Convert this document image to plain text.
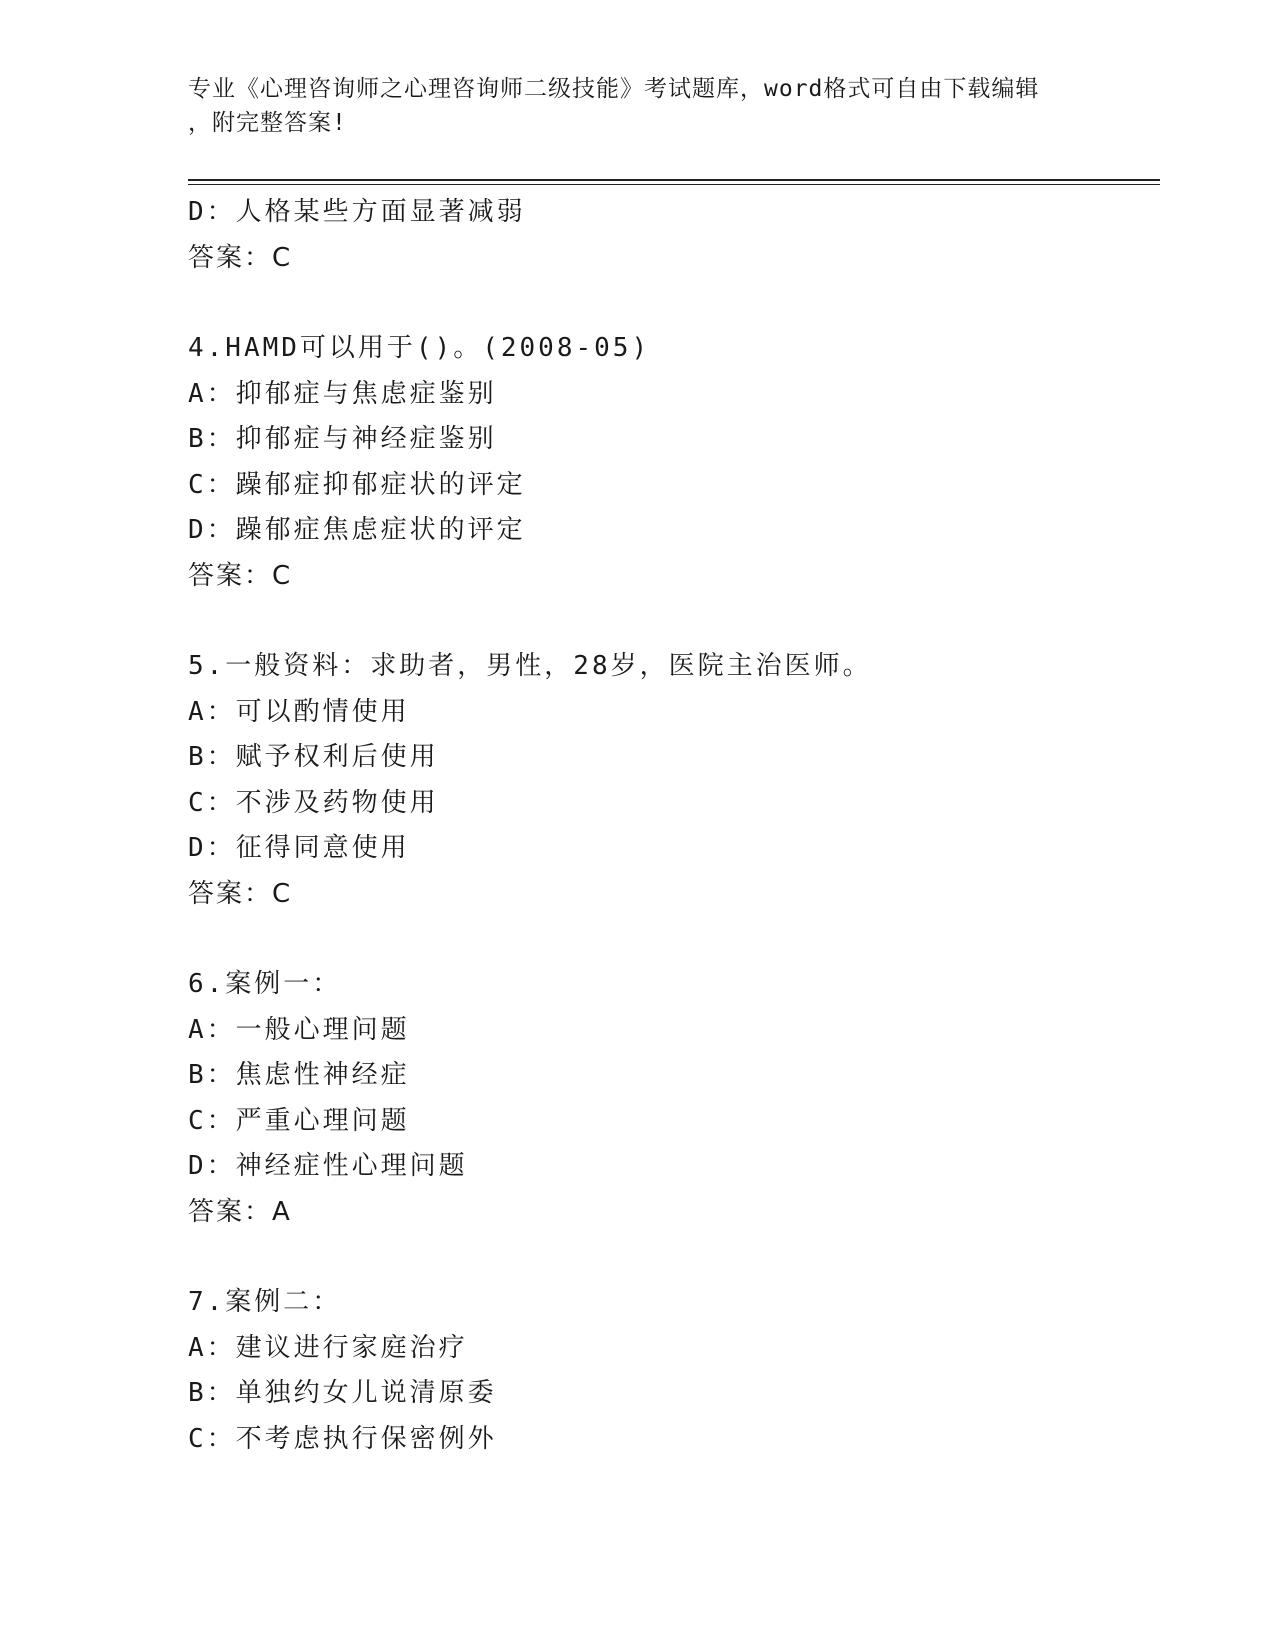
专业《心理咨询师之心理咨询师二级技能》考试题库，word格式可自由下载编辑
，附完整答案!
D：人格某些方面显著减弱
答案：C
4.HAMD可以用于()。(2008-05)
A：抑郁症与焦虑症鉴别
B：抑郁症与神经症鉴别
C：躁郁症抑郁症状的评定
D：躁郁症焦虑症状的评定
答案：C
5.一般资料：求助者，男性，28岁，医院主治医师。
A：可以酌情使用
B：赋予权利后使用
C：不涉及药物使用
D：征得同意使用
答案：C
6.案例一：
A：一般心理问题
B：焦虑性神经症
C：严重心理问题
D：神经症性心理问题
答案：A
7.案例二：
A：建议进行家庭治疗
B：单独约女儿说清原委
C：不考虑执行保密例外
